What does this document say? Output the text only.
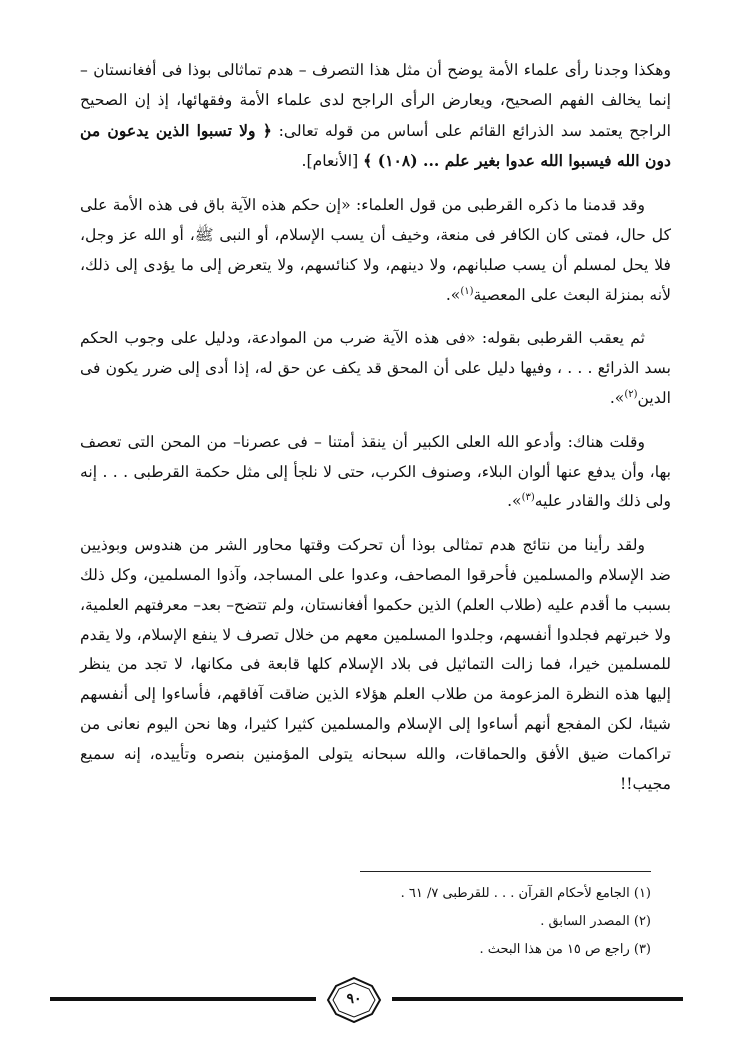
وهكذا وجدنا رأى علماء الأمة يوضح أن مثل هذا التصرف – هدم تماثالى بوذا فى أفغانستان – إنما يخالف الفهم الصحيح، ويعارض الرأى الراجح لدى علماء الأمة وفقهائها، إذ إن الصحيح الراجح يعتمد سد الذرائع القائم على أساس من قوله تعالى: ﴿ ولا تسبوا الذين يدعون من دون الله فيسبوا الله عدوا بغير علم ... (١٠٨) ﴾ [الأنعام].

وقد قدمنا ما ذكره القرطبى من قول العلماء: «إن حكم هذه الآية باق فى هذه الأمة على كل حال، فمتى كان الكافر فى منعة، وخيف أن يسب الإسلام، أو النبى ﷺ، أو الله عز وجل، فلا يحل لمسلم أن يسب صلبانهم، ولا دينهم، ولا كنائسهم، ولا يتعرض إلى ما يؤدى إلى ذلك، لأنه بمنزلة البعث على المعصية$^{(١)}$».

ثم يعقب القرطبى بقوله: «فى هذه الآية ضرب من الموادعة، ودليل على وجوب الحكم بسد الذرائع . . . ، وفيها دليل على أن المحق قد يكف عن حق له، إذا أدى إلى ضرر يكون فى الدين$^{(٢)}$».

وقلت هناك: وأدعو الله العلى الكبير أن ينقذ أمتنا – فى عصرنا– من المحن التى تعصف بها، وأن يدفع عنها ألوان البلاء، وصنوف الكرب، حتى لا نلجأ إلى مثل حكمة القرطبى . . . إنه ولى ذلك والقادر عليه$^{(٣)}$».

ولقد رأينا من نتائج هدم تمثالى بوذا أن تحركت وقتها محاور الشر من هندوس وبوذيين ضد الإسلام والمسلمين فأحرقوا المصاحف، وعدوا على المساجد، وآذوا المسلمين، وكل ذلك بسبب ما أقدم عليه (طلاب العلم) الذين حكموا أفغانستان، ولم تتضح– بعد– معرفتهم العلمية، ولا خبرتهم فجلدوا أنفسهم، وجلدوا المسلمين معهم من خلال تصرف لا ينفع الإسلام، ولا يقدم للمسلمين خيرا، فما زالت التماثيل فى بلاد الإسلام كلها قابعة فى مكانها، لا تجد من ينظر إليها هذه النظرة المزعومة من طلاب العلم هؤلاء الذين ضاقت آفاقهم، فأساءوا إلى أنفسهم شيئا، لكن المفجع أنهم أساءوا إلى الإسلام والمسلمين كثيرا كثيرا، وها نحن اليوم نعانى من تراكمات ضيق الأفق والحماقات، والله سبحانه يتولى المؤمنين بنصره وتأييده، إنه سميع مجيب!!

(١) الجامع لأحكام القرآن . . . للقرطبى ٧/ ٦١ .
(٢) المصدر السابق .
(٣) راجع ص ١٥ من هذا البحث .
٩٠
